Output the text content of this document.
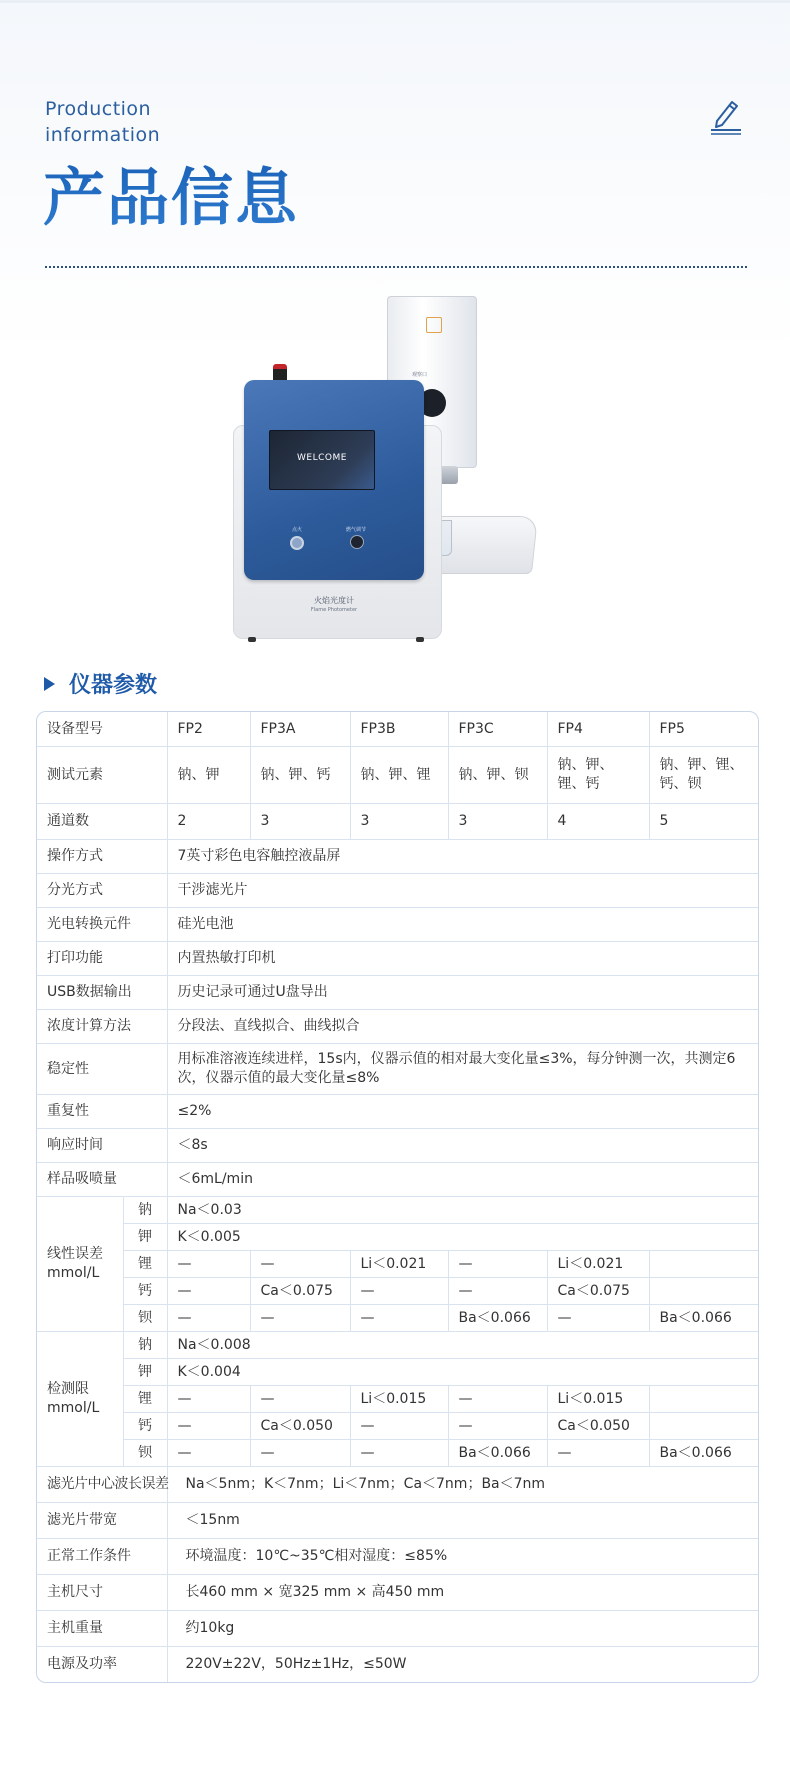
Production
information
产品信息
观察口
WELCOME
点火	燃气调节
火焰光度计
Flame Photometer
仪器参数
设备型号		FP2	FP3A	FP3B	FP3C	FP4	FP5
测试元素		钠、钾	钠、钾、钙	钠、钾、锂	钠、钾、钡	钠、钾、锂、钙	钠、钾、锂、钙、钡
通道数		2	3	3	3	4	5
操作方式		7英寸彩色电容触控液晶屏					
分光方式		干涉滤光片					
光电转换元件		硅光电池					
打印功能		内置热敏打印机					
USB数据输出		历史记录可通过U盘导出					
浓度计算方法		分段法、直线拟合、曲线拟合					
稳定性		用标准溶液连续进样，15s内，仪器示值的相对最大变化量≤3%，每分钟测一次，共测定6次，仪器示值的最大变化量≤8%					
重复性		≤2%					
响应时间		＜8s					
样品吸喷量		＜6mL/min					

线性误差
mmol/L	钠	Na＜0.03					
	钾	K＜0.005					
	锂	—	—	Li＜0.021	—	Li＜0.021	
	钙	—	Ca＜0.075	—	—	Ca＜0.075	
	钡	—	—	—	Ba＜0.066	—	Ba＜0.066

检测限
mmol/L	钠	Na＜0.008					
	钾	K＜0.004					
	锂	—	—	Li＜0.015	—	Li＜0.015	
	钙	—	Ca＜0.050	—	—	Ca＜0.050	
	钡	—	—	—	Ba＜0.066	—	Ba＜0.066
滤光片中心波长误差		Na＜5nm；K＜7nm；Li＜7nm；Ca＜7nm；Ba＜7nm					
滤光片带宽		＜15nm					
正常工作条件		环境温度：10℃~35℃相对湿度：≤85%					
主机尺寸		长460 mm × 宽325 mm × 高450 mm					
主机重量		约10kg					
电源及功率		220V±22V，50Hz±1Hz，≤50W					
